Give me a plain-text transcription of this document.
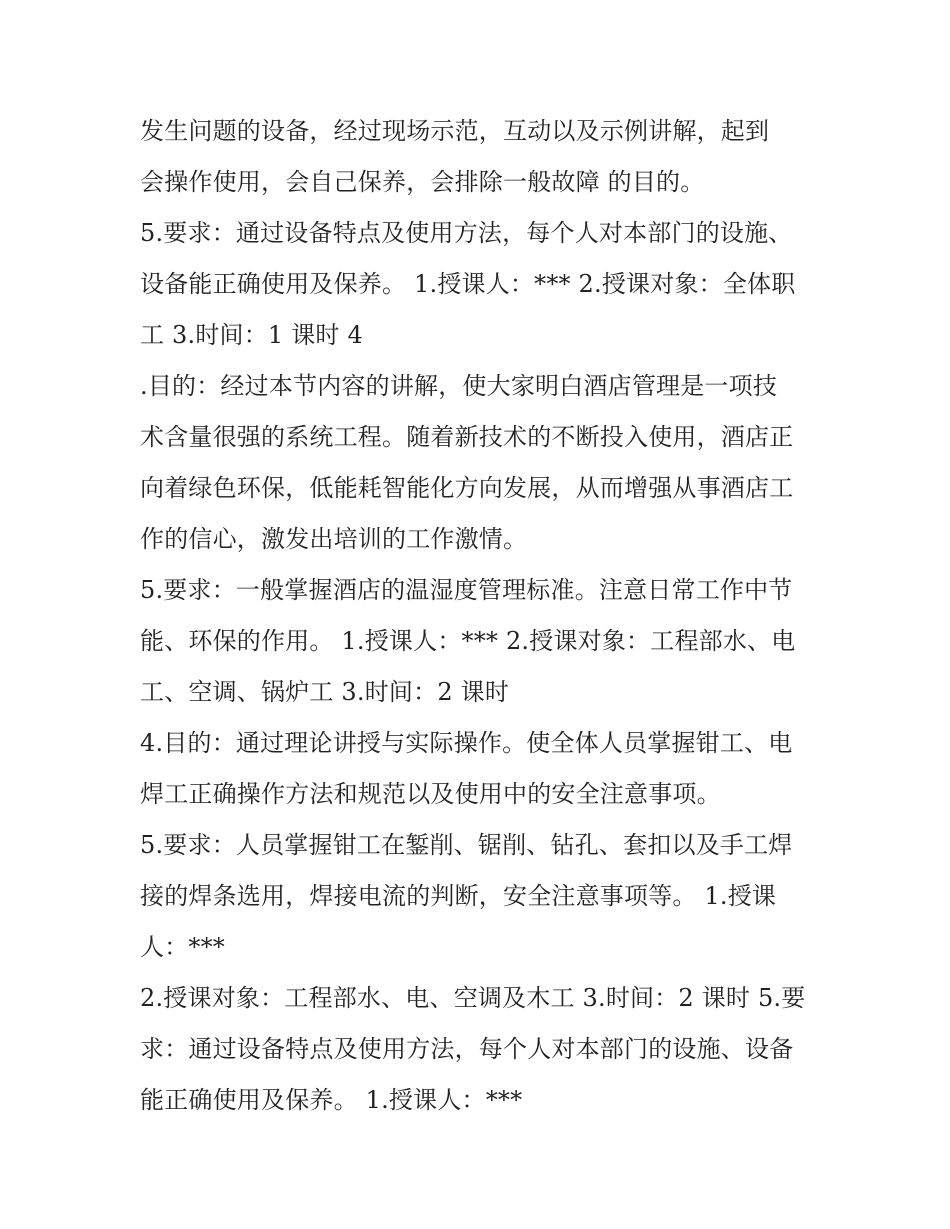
发生问题的设备，经过现场示范，互动以及示例讲解，起到
会操作使用，会自己保养，会排除一般故障 的目的。
5.要求：通过设备特点及使用方法，每个人对本部门的设施、
设备能正确使用及保养。 1.授课人：*** 2.授课对象：全体职
工 3.时间：1 课时 4
.目的：经过本节内容的讲解，使大家明白酒店管理是一项技
术含量很强的系统工程。随着新技术的不断投入使用，酒店正
向着绿色环保，低能耗智能化方向发展，从而增强从事酒店工
作的信心，激发出培训的工作激情。
5.要求：一般掌握酒店的温湿度管理标准。注意日常工作中节
能、环保的作用。 1.授课人：*** 2.授课对象：工程部水、电
工、空调、锅炉工 3.时间：2 课时
4.目的：通过理论讲授与实际操作。使全体人员掌握钳工、电
焊工正确操作方法和规范以及使用中的安全注意事项。
5.要求：人员掌握钳工在錾削、锯削、钻孔、套扣以及手工焊
接的焊条选用，焊接电流的判断，安全注意事项等。 1.授课
人：***
2.授课对象：工程部水、电、空调及木工 3.时间：2 课时 5.要
求：通过设备特点及使用方法，每个人对本部门的设施、设备
能正确使用及保养。 1.授课人：***
